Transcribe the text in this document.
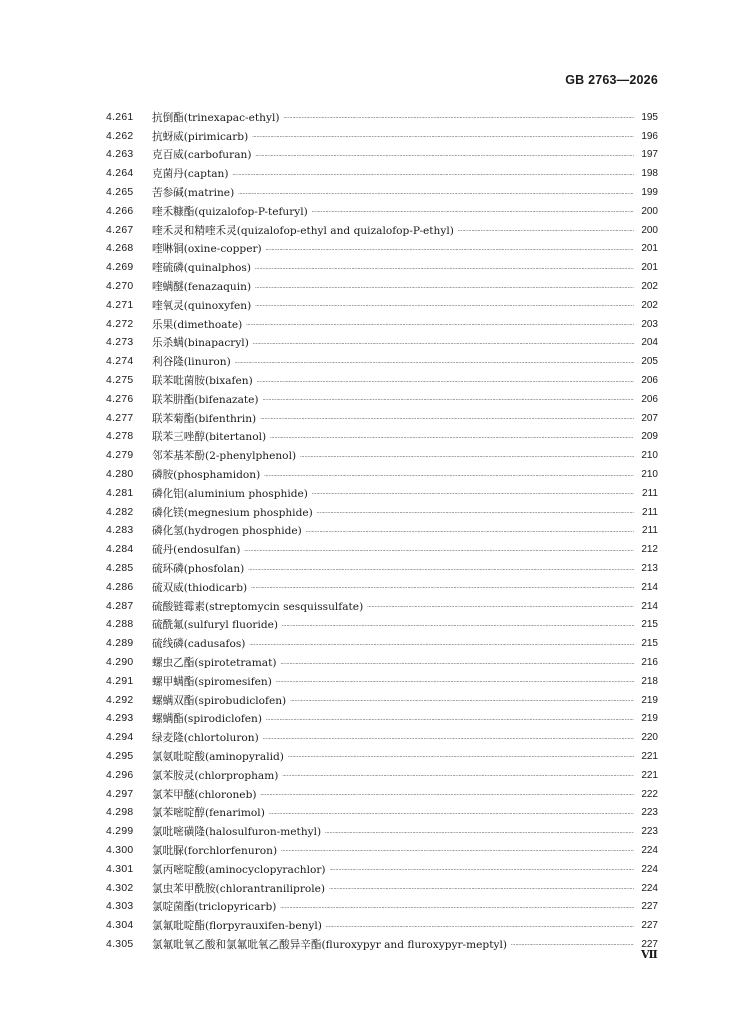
GB 2763—2026
4.261	抗倒酯(trinexapac-ethyl) ………………………………………………………………………………………………………………………………………………………………………………………………………………………………………………	195
4.262	抗蚜威(pirimicarb) ………………………………………………………………………………………………………………………………………………………………………………………………………………………………………………	196
4.263	克百威(carbofuran) ………………………………………………………………………………………………………………………………………………………………………………………………………………………………………………	197
4.264	克菌丹(captan) ………………………………………………………………………………………………………………………………………………………………………………………………………………………………………………	198
4.265	苦参碱(matrine) ………………………………………………………………………………………………………………………………………………………………………………………………………………………………………………	199
4.266	喹禾糠酯(quizalofop-P-tefuryl) ………………………………………………………………………………………………………………………………………………………………………………………………………………………………………………	200
4.267	喹禾灵和精喹禾灵(quizalofop-ethyl and quizalofop-P-ethyl) ………………………………………………………………………………………………………………………………………………………………………………………………………………………………………………	200
4.268	喹啉铜(oxine-copper) ………………………………………………………………………………………………………………………………………………………………………………………………………………………………………………	201
4.269	喹硫磷(quinalphos) ………………………………………………………………………………………………………………………………………………………………………………………………………………………………………………	201
4.270	喹螨醚(fenazaquin) ………………………………………………………………………………………………………………………………………………………………………………………………………………………………………………	202
4.271	喹氧灵(quinoxyfen) ………………………………………………………………………………………………………………………………………………………………………………………………………………………………………………	202
4.272	乐果(dimethoate) ………………………………………………………………………………………………………………………………………………………………………………………………………………………………………………	203
4.273	乐杀螨(binapacryl) ………………………………………………………………………………………………………………………………………………………………………………………………………………………………………………	204
4.274	利谷隆(linuron) ………………………………………………………………………………………………………………………………………………………………………………………………………………………………………………	205
4.275	联苯吡菌胺(bixafen) ………………………………………………………………………………………………………………………………………………………………………………………………………………………………………………	206
4.276	联苯肼酯(bifenazate) ………………………………………………………………………………………………………………………………………………………………………………………………………………………………………………	206
4.277	联苯菊酯(bifenthrin) ………………………………………………………………………………………………………………………………………………………………………………………………………………………………………………	207
4.278	联苯三唑醇(bitertanol) ………………………………………………………………………………………………………………………………………………………………………………………………………………………………………………	209
4.279	邻苯基苯酚(2-phenylphenol) ………………………………………………………………………………………………………………………………………………………………………………………………………………………………………………	210
4.280	磷胺(phosphamidon) ………………………………………………………………………………………………………………………………………………………………………………………………………………………………………………	210
4.281	磷化铝(aluminium phosphide) ………………………………………………………………………………………………………………………………………………………………………………………………………………………………………………	211
4.282	磷化镁(megnesium phosphide) ………………………………………………………………………………………………………………………………………………………………………………………………………………………………………………	211
4.283	磷化氢(hydrogen phosphide) ………………………………………………………………………………………………………………………………………………………………………………………………………………………………………………	211
4.284	硫丹(endosulfan) ………………………………………………………………………………………………………………………………………………………………………………………………………………………………………………	212
4.285	硫环磷(phosfolan) ………………………………………………………………………………………………………………………………………………………………………………………………………………………………………………	213
4.286	硫双威(thiodicarb) ………………………………………………………………………………………………………………………………………………………………………………………………………………………………………………	214
4.287	硫酸链霉素(streptomycin sesquissulfate) ………………………………………………………………………………………………………………………………………………………………………………………………………………………………………………	214
4.288	硫酰氟(sulfuryl fluoride) ………………………………………………………………………………………………………………………………………………………………………………………………………………………………………………	215
4.289	硫线磷(cadusafos) ………………………………………………………………………………………………………………………………………………………………………………………………………………………………………………	215
4.290	螺虫乙酯(spirotetramat) ………………………………………………………………………………………………………………………………………………………………………………………………………………………………………………	216
4.291	螺甲螨酯(spiromesifen) ………………………………………………………………………………………………………………………………………………………………………………………………………………………………………………	218
4.292	螺螨双酯(spirobudiclofen) ………………………………………………………………………………………………………………………………………………………………………………………………………………………………………………	219
4.293	螺螨酯(spirodiclofen) ………………………………………………………………………………………………………………………………………………………………………………………………………………………………………………	219
4.294	绿麦隆(chlortoluron) ………………………………………………………………………………………………………………………………………………………………………………………………………………………………………………	220
4.295	氯氨吡啶酸(aminopyralid) ………………………………………………………………………………………………………………………………………………………………………………………………………………………………………………	221
4.296	氯苯胺灵(chlorpropham) ………………………………………………………………………………………………………………………………………………………………………………………………………………………………………………	221
4.297	氯苯甲醚(chloroneb) ………………………………………………………………………………………………………………………………………………………………………………………………………………………………………………	222
4.298	氯苯嘧啶醇(fenarimol) ………………………………………………………………………………………………………………………………………………………………………………………………………………………………………………	223
4.299	氯吡嘧磺隆(halosulfuron-methyl) ………………………………………………………………………………………………………………………………………………………………………………………………………………………………………………	223
4.300	氯吡脲(forchlorfenuron) ………………………………………………………………………………………………………………………………………………………………………………………………………………………………………………	224
4.301	氯丙嘧啶酸(aminocyclopyrachlor) ………………………………………………………………………………………………………………………………………………………………………………………………………………………………………………	224
4.302	氯虫苯甲酰胺(chlorantraniliprole) ………………………………………………………………………………………………………………………………………………………………………………………………………………………………………………	224
4.303	氯啶菌酯(triclopyricarb) ………………………………………………………………………………………………………………………………………………………………………………………………………………………………………………	227
4.304	氯氟吡啶酯(florpyrauxifen-benyl) ………………………………………………………………………………………………………………………………………………………………………………………………………………………………………………	227
4.305	氯氟吡氧乙酸和氯氟吡氧乙酸异辛酯(fluroxypyr and fluroxypyr-meptyl) ………………………………………………………………………………………………………………………………………………………………………………………………………………………………………………	227
Ⅶ
